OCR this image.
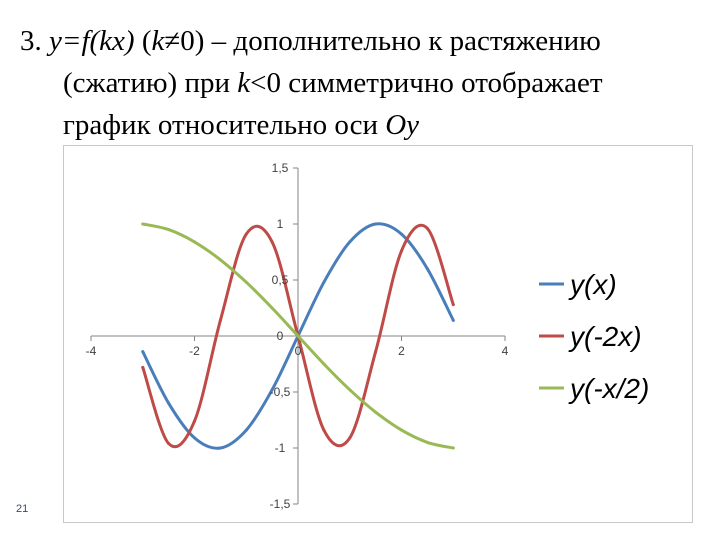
3. y=f(kx) (k≠0) – дополнительно к растяжению
(сжатию) при k<0 симметрично отображает
график относительно оси Oy
-4	-2	0	2	4
1,5
1
0,5
0
-0,5
-1
-1,5
y(x)
y(-2x)
y(-x/2)
21
